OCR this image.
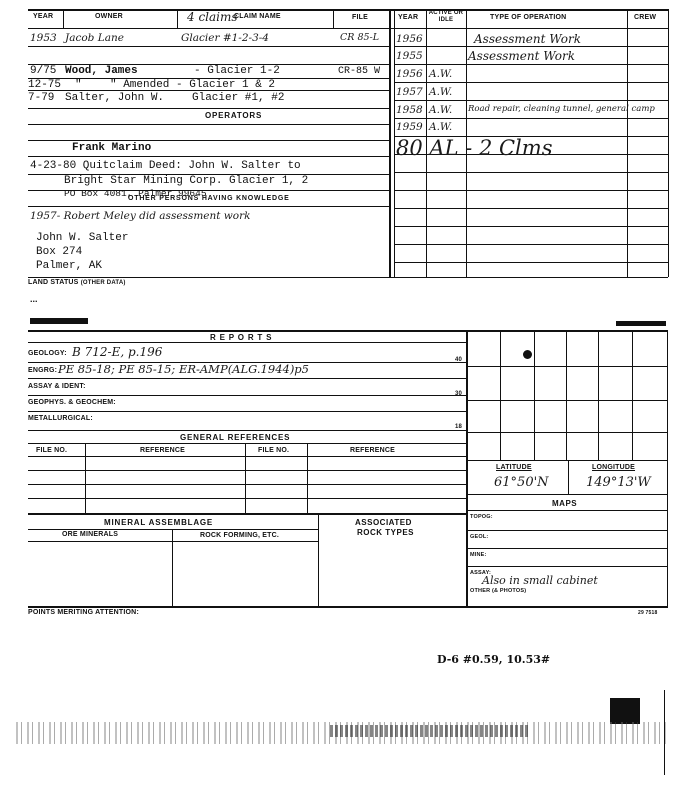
YEAR	OWNER	4 claims
CLAIM NAME	FILE	YEAR
ACTIVE OR IDLE	TYPE OF OPERATION	CREW
1953 Jacob Lane	Glacier #1-2-3-4	CR 85-L
9/75 Wood, James	- Glacier 1-2	CR-85 W
12-75 "	" Amended - Glacier 1 & 2
7-79 Salter, John W.	Glacier #1, #2
1956	Assessment Work
1955	Assessment Work
1956 A.W.
1957 A.W.
1958 A.W. Road repair, cleaning tunnel, general camp
1959 A.W.
80 AL - 2 Clms
OPERATORS
Frank Marino
4-23-80 Quitclaim Deed: John W. Salter to
Bright Star Mining Corp. Glacier 1, 2
PO Box 4081, Palmer 99645
OTHER PERSONS HAVING KNOWLEDGE
1957- Robert Meley did assessment work
John W. Salter
Box 274
Palmer, AK
LAND STATUS (OTHER DATA)
...
R E P O R T S
GEOLOGY: B 712-E, p.196
40
ENGRG: PE 85-18; PE 85-15; ER-AMP(ALG.1944)p5
ASSAY & IDENT:
30
GEOPHYS. & GEOCHEM:
METALLURGICAL:
18
GENERAL REFERENCES
FILE NO.	REFERENCE	FILE NO.	REFERENCE
LATITUDE	LONGITUDE
61°50'N	149°13'W
MAPS
TOPOG:
GEOL:
MINE:
ASSAY:
Also in small cabinet
OTHER (& PHOTOS)
MINERAL ASSEMBLAGE	ASSOCIATED
ROCK TYPES
ORE MINERALS	ROCK FORMING, ETC.
POINTS MERITING ATTENTION:	29 7518
D-6 #0.59, 10.53#
